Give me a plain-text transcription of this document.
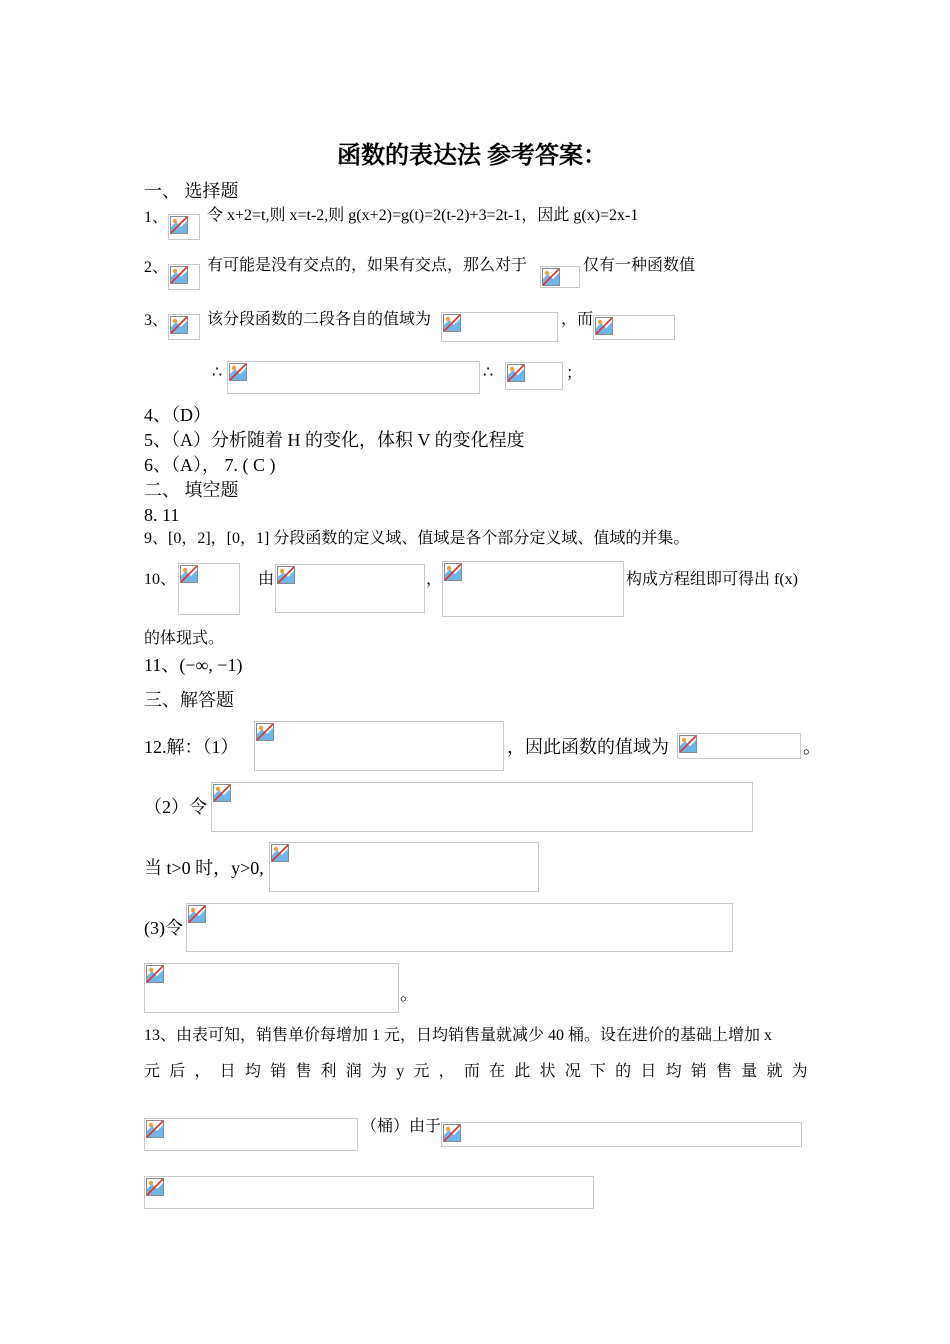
函数的表达法 参考答案：
一、 选择题
1、 令 x+2=t,则 x=t-2,则 g(x+2)=g(t)=2(t-2)+3=2t-1，因此 g(x)=2x-1
2、 有可能是没有交点的，如果有交点，那么对于	仅有一种函数值
3、 该分段函数的二段各自的值域为	，而
∴	∴	；
4、（D）
5、（A）分析随着 H 的变化，体积 V 的变化程度
6、（A）， 7. ( C )
二、 填空题
8. 11
9、[0，2]，[0，1] 分段函数的定义域、值域是各个部分定义域、值域的并集。
10、	由	，	构成方程组即可得出 f(x)
的体现式。
11、(−∞, −1)
三、解答题
12.解：（1）	，因此函数的值域为	。
（2）令
当 t>0 时，y>0,
(3)令
。
13、由表可知，销售单价每增加 1 元，日均销售量就减少 40 桶。设在进价的基础上增加 x
元 后 ， 日 均 销 售 利 润 为 y 元 ， 而 在 此 状 况 下 的 日 均 销 售 量 就 为
（桶）由于
